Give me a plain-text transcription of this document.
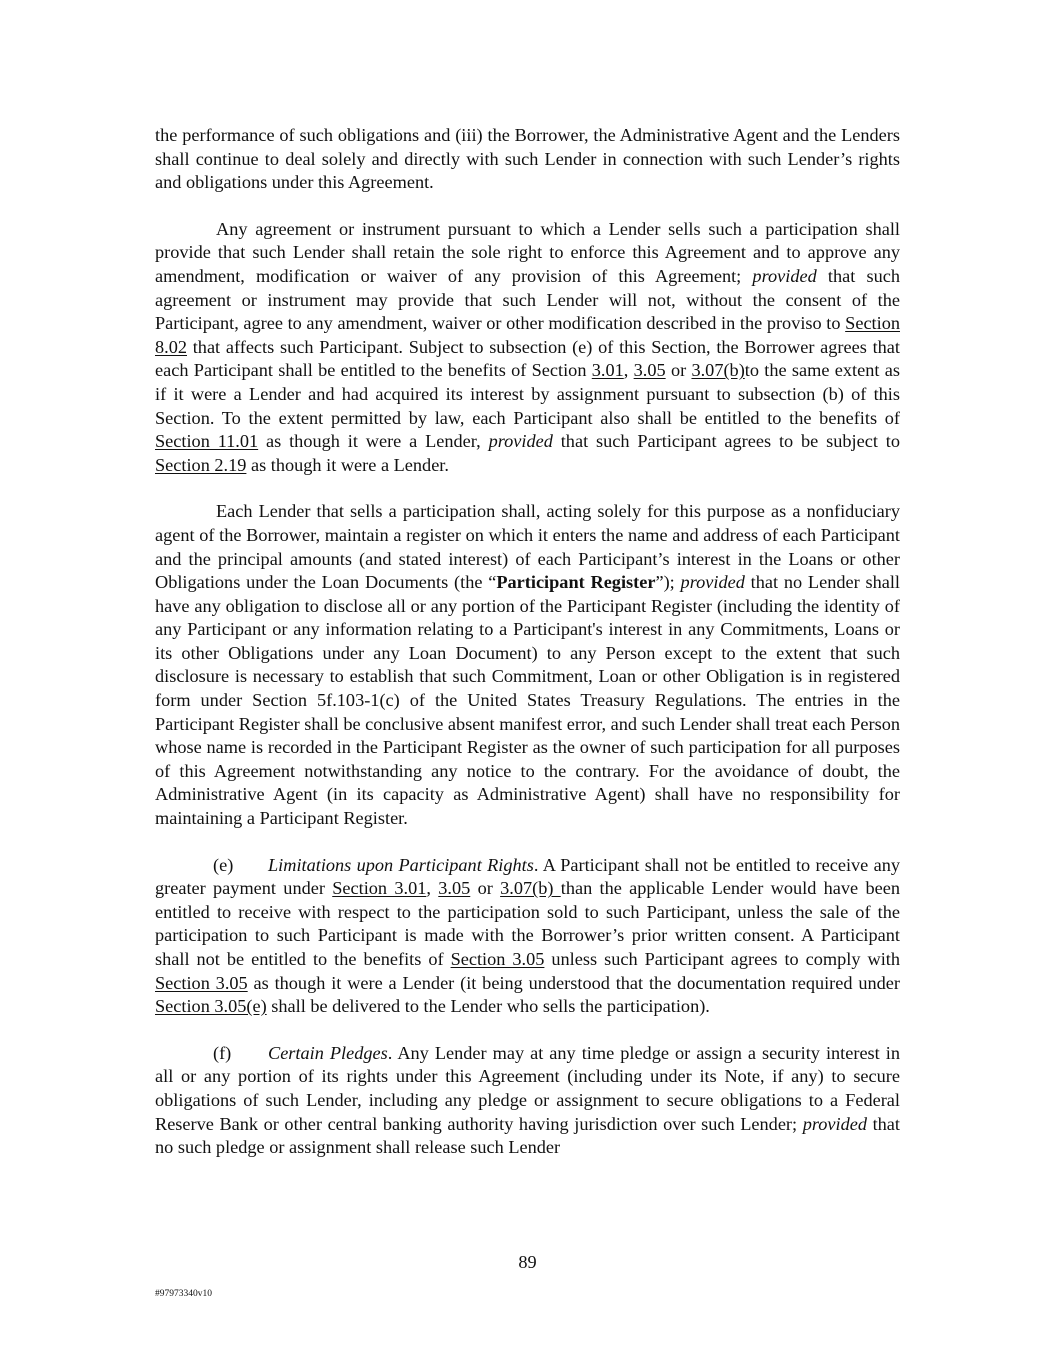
the performance of such obligations and (iii) the Borrower, the Administrative Agent and the Lenders shall continue to deal solely and directly with such Lender in connection with such Lender’s rights and obligations under this Agreement.

Any agreement or instrument pursuant to which a Lender sells such a participation shall provide that such Lender shall retain the sole right to enforce this Agreement and to approve any amendment, modification or waiver of any provision of this Agreement; provided that such agreement or instrument may provide that such Lender will not, without the consent of the Participant, agree to any amendment, waiver or other modification described in the proviso to Section 8.02 that affects such Participant. Subject to subsection (e) of this Section, the Borrower agrees that each Participant shall be entitled to the benefits of Section 3.01, 3.05 or 3.07(b)to the same extent as if it were a Lender and had acquired its interest by assignment pursuant to subsection (b) of this Section. To the extent permitted by law, each Participant also shall be entitled to the benefits of Section 11.01 as though it were a Lender, provided that such Participant agrees to be subject to Section 2.19 as though it were a Lender.

Each Lender that sells a participation shall, acting solely for this purpose as a nonfiduciary agent of the Borrower, maintain a register on which it enters the name and address of each Participant and the principal amounts (and stated interest) of each Participant’s interest in the Loans or other Obligations under the Loan Documents (the “Participant Register”); provided that no Lender shall have any obligation to disclose all or any portion of the Participant Register (including the identity of any Participant or any information relating to a Participant's interest in any Commitments, Loans or its other Obligations under any Loan Document) to any Person except to the extent that such disclosure is necessary to establish that such Commitment, Loan or other Obligation is in registered form under Section 5f.103-1(c) of the United States Treasury Regulations. The entries in the Participant Register shall be conclusive absent manifest error, and such Lender shall treat each Person whose name is recorded in the Participant Register as the owner of such participation for all purposes of this Agreement notwithstanding any notice to the contrary. For the avoidance of doubt, the Administrative Agent (in its capacity as Administrative Agent) shall have no responsibility for maintaining a Participant Register.

(e) Limitations upon Participant Rights. A Participant shall not be entitled to receive any greater payment under Section 3.01, 3.05 or 3.07(b) than the applicable Lender would have been entitled to receive with respect to the participation sold to such Participant, unless the sale of the participation to such Participant is made with the Borrower’s prior written consent. A Participant shall not be entitled to the benefits of Section 3.05 unless such Participant agrees to comply with Section 3.05 as though it were a Lender (it being understood that the documentation required under Section 3.05(e) shall be delivered to the Lender who sells the participation).

(f) Certain Pledges. Any Lender may at any time pledge or assign a security interest in all or any portion of its rights under this Agreement (including under its Note, if any) to secure obligations of such Lender, including any pledge or assignment to secure obligations to a Federal Reserve Bank or other central banking authority having jurisdiction over such Lender; provided that no such pledge or assignment shall release such Lender

89
#97973340v10
